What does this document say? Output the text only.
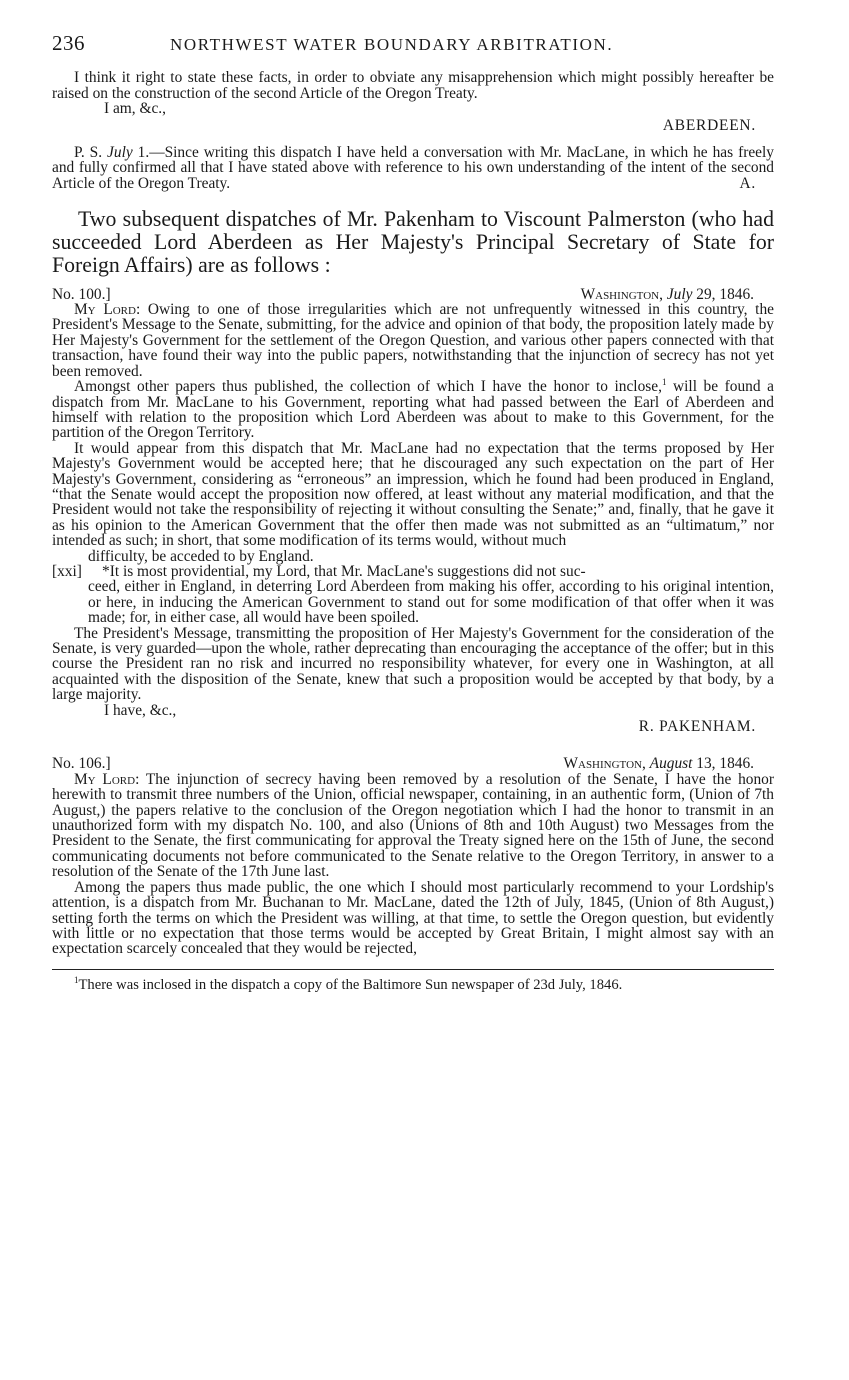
236	NORTHWEST WATER BOUNDARY ARBITRATION.

I think it right to state these facts, in order to obviate any misapprehension which might possibly hereafter be raised on the construction of the second Article of the Oregon Treaty.

I am, &c.,
ABERDEEN.

P. S. July 1.—Since writing this dispatch I have held a conversation with Mr. MacLane, in which he has freely and fully confirmed all that I have stated above with reference to his own understanding of the intent of the second Article of the Oregon Treaty.	A.

Two subsequent dispatches of Mr. Pakenham to Viscount Palmerston (who had succeeded Lord Aberdeen as Her Majesty's Principal Secretary of State for Foreign Affairs) are as follows :

No. 100.]	Washington, July 29, 1846.

My Lord: Owing to one of those irregularities which are not unfrequently witnessed in this country, the President's Message to the Senate, submitting, for the advice and opinion of that body, the proposition lately made by Her Majesty's Government for the settlement of the Oregon Question, and various other papers connected with that transaction, have found their way into the public papers, notwithstanding that the injunction of secrecy has not yet been removed.

Amongst other papers thus published, the collection of which I have the honor to inclose,$^1$ will be found a dispatch from Mr. MacLane to his Government, reporting what had passed between the Earl of Aberdeen and himself with relation to the proposition which Lord Aberdeen was about to make to this Government, for the partition of the Oregon Territory.

It would appear from this dispatch that Mr. MacLane had no expectation that the terms proposed by Her Majesty's Government would be accepted here; that he discouraged any such expectation on the part of Her Majesty's Government, considering as “erroneous” an impression, which he found had been produced in England, “that the Senate would accept the proposition now offered, at least without any material modification, and that the President would not take the responsibility of rejecting it without consulting the Senate;” and, finally, that he gave it as his opinion to the American Government that the offer then made was not submitted as an “ultimatum,” nor intended as such; in short, that some modification of its terms would, without much

difficulty, be acceded to by England.
[xxi]	*It is most providential, my Lord, that Mr. MacLane's suggestions did not suc-

ceed, either in England, in deterring Lord Aberdeen from making his offer, according to his original intention, or here, in inducing the American Government to stand out for some modification of that offer when it was made; for, in either case, all would have been spoiled.

The President's Message, transmitting the proposition of Her Majesty's Government for the consideration of the Senate, is very guarded—upon the whole, rather deprecating than encouraging the acceptance of the offer; but in this course the President ran no risk and incurred no responsibility whatever, for every one in Washington, at all acquainted with the disposition of the Senate, knew that such a proposition would be accepted by that body, by a large majority.

I have, &c.,
R. PAKENHAM.
No. 106.]	Washington, August 13, 1846.

My Lord: The injunction of secrecy having been removed by a resolution of the Senate, I have the honor herewith to transmit three numbers of the Union, official newspaper, containing, in an authentic form, (Union of 7th August,) the papers relative to the conclusion of the Oregon negotiation which I had the honor to transmit in an unauthorized form with my dispatch No. 100, and also (Unions of 8th and 10th August) two Messages from the President to the Senate, the first communicating for approval the Treaty signed here on the 15th of June, the second communicating documents not before communicated to the Senate relative to the Oregon Territory, in answer to a resolution of the Senate of the 17th June last.

Among the papers thus made public, the one which I should most particularly recommend to your Lordship's attention, is a dispatch from Mr. Buchanan to Mr. MacLane, dated the 12th of July, 1845, (Union of 8th August,) setting forth the terms on which the President was willing, at that time, to settle the Oregon question, but evidently with little or no expectation that those terms would be accepted by Great Britain, I might almost say with an expectation scarcely concealed that they would be rejected,

$^1$There was inclosed in the dispatch a copy of the Baltimore Sun newspaper of 23d July, 1846.
